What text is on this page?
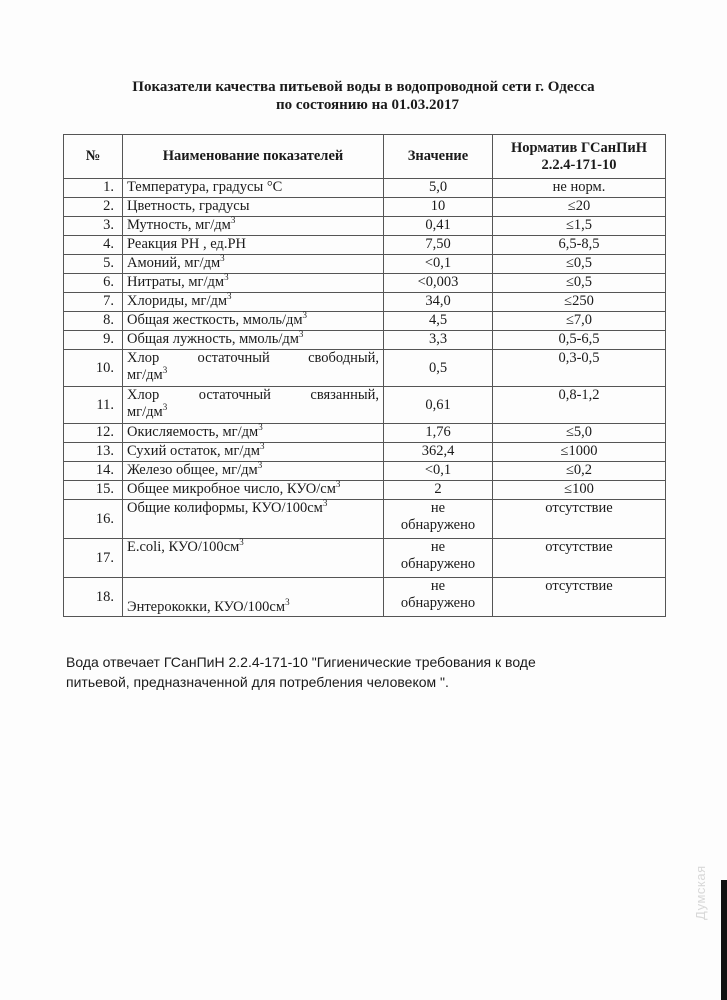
Показатели качества питьевой воды в водопроводной сети г. Одесса
по состоянию на 01.03.2017
№	Наименование показателей	Значение	Норматив ГСанПиН
2.2.4-171-10

1.	Температура, градусы °С	5,0	не норм.
2.	Цветность, градусы	10	≤20
3.	Мутность, $мг/дм^3$	0,41	≤1,5
4.	Реакция РН , ед.РН	7,50	6,5-8,5
5.	Амоний, $мг/дм^3$	<0,1	≤0,5
6.	Нитраты, $мг/дм^3$	<0,003	≤0,5
7.	Хлориды, $мг/дм^3$	34,0	≤250
8.	Общая жесткость, ммоль/$дм^3$	4,5	≤7,0
9.	Общая лужность, ммоль/$дм^3$	3,3	0,5-6,5
10.	Хлор остаточный свободный,
$мг/дм^3$	0,5	0,3-0,5
11.	Хлор остаточный связанный,
$мг/дм^3$	0,61	0,8-1,2
12.	Окисляемость, $мг/дм^3$	1,76	≤5,0
13.	Сухий остаток, $мг/дм^3$	362,4	≤1000
14.	Железо общее, $мг/дм^3$	<0,1	≤0,2
15.	Общее микробное число, КУО/$см^3$	2	≤100
16.	Общие колиформы, КУО/$100см^3$	не
обнаружено	отсутствие
17.	E.coli, КУО/$100см^3$	не
обнаружено	отсутствие
18.	Энтерококки, КУО/$100см^3$	не
обнаружено	отсутствие
Вода отвечает ГСанПиН 2.2.4-171-10 "Гигиенические требования к воде
питьевой, предназначенной для потребления человеком ".
Думская
